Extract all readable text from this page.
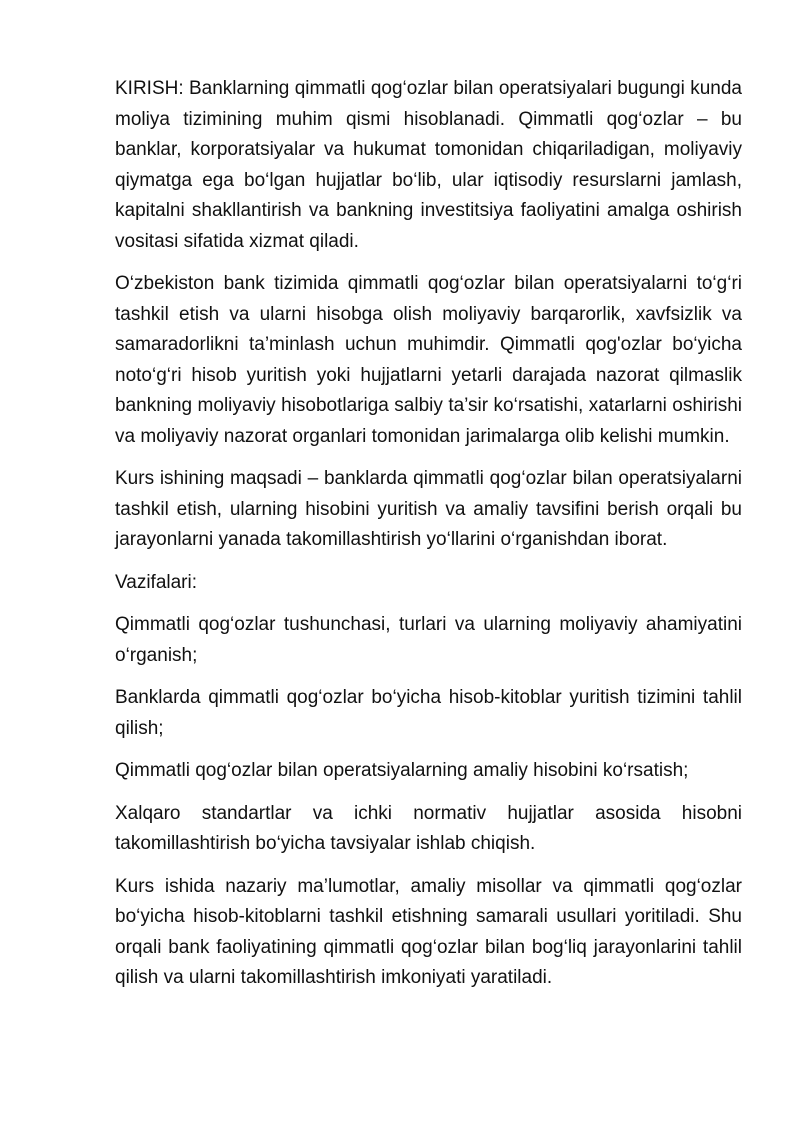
KIRISH: Banklarning qimmatli qog‘ozlar bilan operatsiyalari bugungi kunda moliya tizimining muhim qismi hisoblanadi. Qimmatli qog‘ozlar – bu banklar, korporatsiyalar va hukumat tomonidan chiqariladigan, moliyaviy qiymatga ega bo‘lgan hujjatlar bo‘lib, ular iqtisodiy resurslarni jamlash, kapitalni shakllantirish va bankning investitsiya faoliyatini amalga oshirish vositasi sifatida xizmat qiladi.

O‘zbekiston bank tizimida qimmatli qog‘ozlar bilan operatsiyalarni to‘g‘ri tashkil etish va ularni hisobga olish moliyaviy barqarorlik, xavfsizlik va samaradorlikni ta’minlash uchun muhimdir. Qimmatli qog'ozlar bo‘yicha noto‘g‘ri hisob yuritish yoki hujjatlarni yetarli darajada nazorat qilmaslik bankning moliyaviy hisobotlariga salbiy ta’sir ko‘rsatishi, xatarlarni oshirishi va moliyaviy nazorat organlari tomonidan jarimalarga olib kelishi mumkin.

Kurs ishining maqsadi – banklarda qimmatli qog‘ozlar bilan operatsiyalarni tashkil etish, ularning hisobini yuritish va amaliy tavsifini berish orqali bu jarayonlarni yanada takomillashtirish yo‘llarini o‘rganishdan iborat.

Vazifalari:

Qimmatli qog‘ozlar tushunchasi, turlari va ularning moliyaviy ahamiyatini o‘rganish;

Banklarda qimmatli qog‘ozlar bo‘yicha hisob-kitoblar yuritish tizimini tahlil qilish;

Qimmatli qog‘ozlar bilan operatsiyalarning amaliy hisobini ko‘rsatish;

Xalqaro standartlar va ichki normativ hujjatlar asosida hisobni takomillashtirish bo‘yicha tavsiyalar ishlab chiqish.

Kurs ishida nazariy ma’lumotlar, amaliy misollar va qimmatli qog‘ozlar bo‘yicha hisob-kitoblarni tashkil etishning samarali usullari yoritiladi. Shu orqali bank faoliyatining qimmatli qog‘ozlar bilan bog‘liq jarayonlarini tahlil qilish va ularni takomillashtirish imkoniyati yaratiladi.
